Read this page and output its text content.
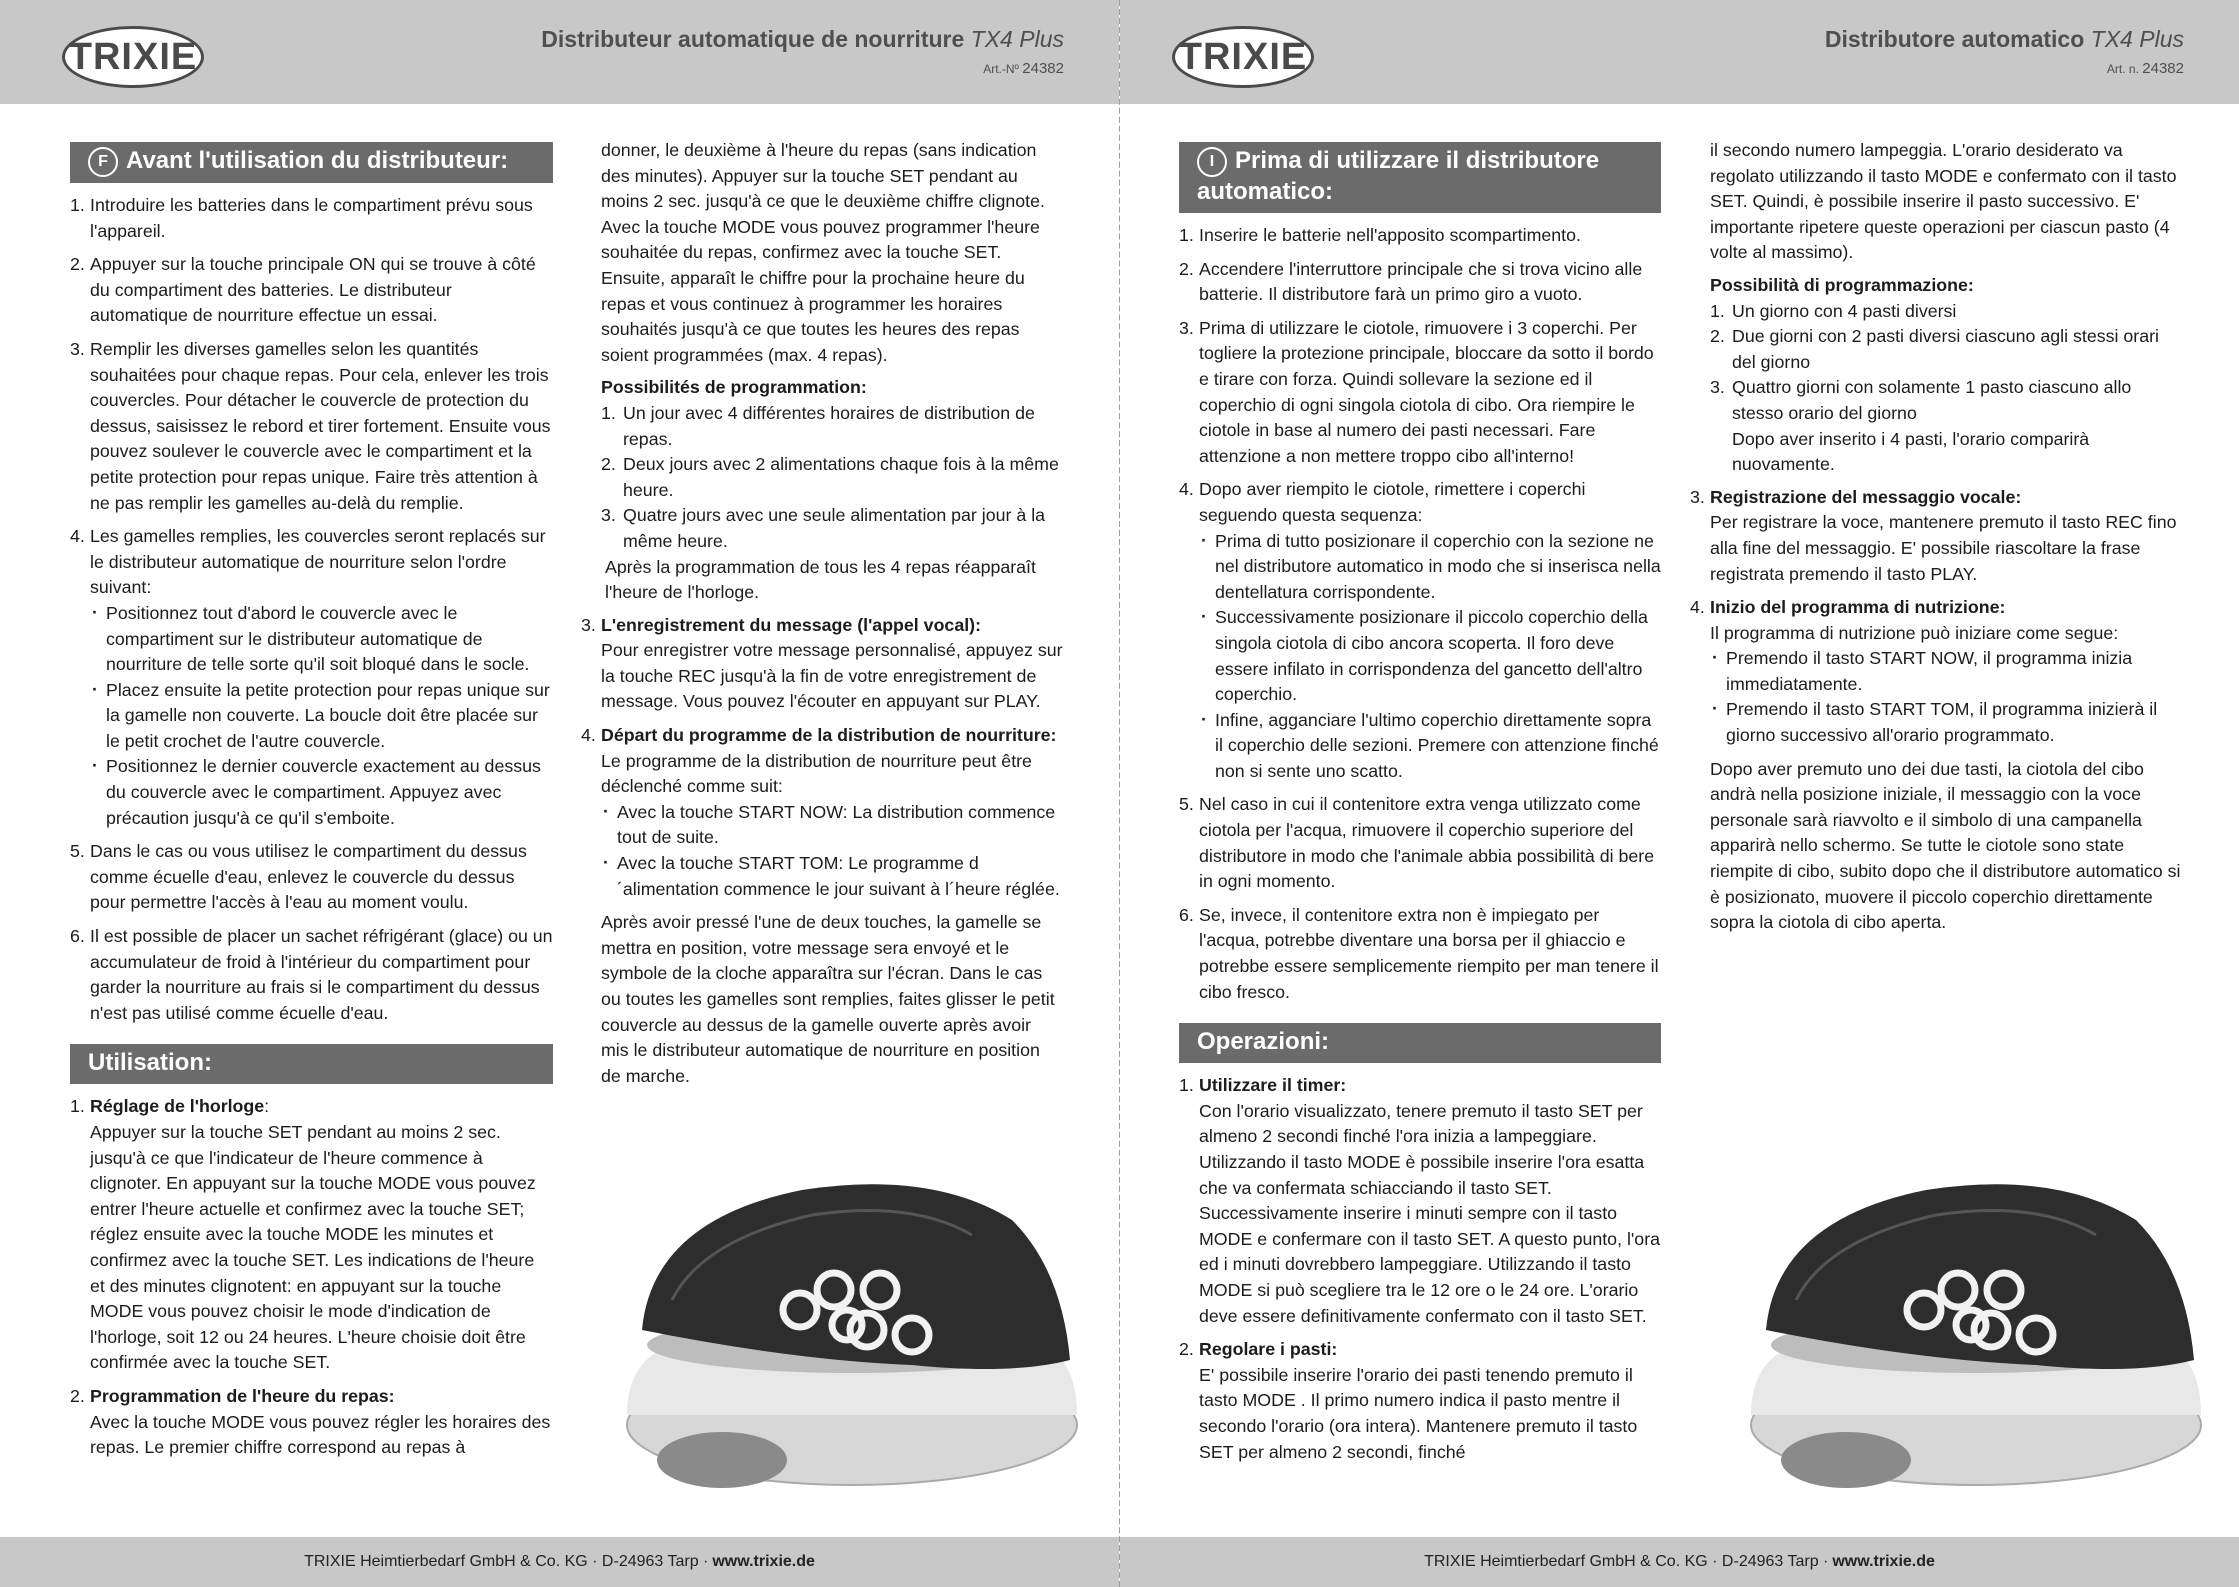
TRIXIE	Distributeur automatique de nourriture TX4 Plus
Art.-Nº 24382
F Avant l'utilisation du distributeur:
1. Introduire les batteries dans le compartiment prévu sous l'appareil.
2. Appuyer sur la touche principale ON qui se trouve à côté du compartiment des batteries. Le distributeur automatique de nourriture effectue un essai.
3. Remplir les diverses gamelles selon les quantités souhaitées pour chaque repas. Pour cela, enlever les trois couvercles. Pour détacher le couvercle de protection du dessus, saisissez le rebord et tirer fortement. Ensuite vous pouvez soulever le couvercle avec le compartiment et la petite protection pour repas unique. Faire très attention à ne pas remplir les gamelles au-delà du remplie.
4. Les gamelles remplies, les couvercles seront replacés sur le distributeur automatique de nourriture selon l'ordre suivant:
· Positionnez tout d'abord le couvercle avec le compartiment sur le distributeur automatique de nourriture de telle sorte qu'il soit bloqué dans le socle.
· Placez ensuite la petite protection pour repas unique sur la gamelle non couverte. La boucle doit être placée sur le petit crochet de l'autre couvercle.
· Positionnez le dernier couvercle exactement au dessus du couvercle avec le compartiment. Appuyez avec précaution jusqu'à ce qu'il s'emboite.
5. Dans le cas ou vous utilisez le compartiment du dessus comme écuelle d'eau, enlevez le couvercle du dessus pour permettre l'accès à l'eau au moment voulu.
6. Il est possible de placer un sachet réfrigérant (glace) ou un accumulateur de froid à l'intérieur du compartiment pour garder la nourriture au frais si le compartiment du dessus n'est pas utilisé comme écuelle d'eau.
Utilisation:
1. Réglage de l'horloge:
Appuyer sur la touche SET pendant au moins 2 sec. jusqu'à ce que l'indicateur de l'heure commence à clignoter. En appuyant sur la touche MODE vous pouvez entrer l'heure actuelle et confirmez avec la touche SET; réglez ensuite avec la touche MODE les minutes et confirmez avec la touche SET. Les indications de l'heure et des minutes clignotent: en appuyant sur la touche MODE vous pouvez choisir le mode d'indication de l'horloge, soit 12 ou 24 heures. L'heure choisie doit être confirmée avec la touche SET.
2. Programmation de l'heure du repas:
Avec la touche MODE vous pouvez régler les horaires des repas. Le premier chiffre correspond au repas à

donner, le deuxième à l'heure du repas (sans indication des minutes). Appuyer sur la touche SET pendant au moins 2 sec. jusqu'à ce que le deuxième chiffre clignote. Avec la touche MODE vous pouvez programmer l'heure souhaitée du repas, confirmez avec la touche SET. Ensuite, apparaît le chiffre pour la prochaine heure du repas et vous continuez à programmer les horaires souhaités jusqu'à ce que toutes les heures des repas soient programmées (max. 4 repas).

Possibilités de programmation:
1. Un jour avec 4 différentes horaires de distribution de repas.
2. Deux jours avec 2 alimentations chaque fois à la même heure.
3. Quatre jours avec une seule alimentation par jour à la même heure.

Après la programmation de tous les 4 repas réapparaît l'heure de l'horloge.

3. L'enregistrement du message (l'appel vocal):
Pour enregistrer votre message personnalisé, appuyez sur la touche REC jusqu'à la fin de votre enregistrement de message. Vous pouvez l'écouter en appuyant sur PLAY.
4. Départ du programme de la distribution de nourriture:
Le programme de la distribution de nourriture peut être déclenché comme suit:
· Avec la touche START NOW: La distribution commence tout de suite.
· Avec la touche START TOM: Le programme d´alimentation commence le jour suivant à l´heure réglée.

Après avoir pressé l'une de deux touches, la gamelle se mettra en position, votre message sera envoyé et le symbole de la cloche apparaîtra sur l'écran. Dans le cas ou toutes les gamelles sont remplies, faites glisser le petit couvercle au dessus de la gamelle ouverte après avoir mis le distributeur automatique de nourriture en position de marche.

TRIXIE Heimtierbedarf GmbH & Co. KG · D-24963 Tarp · www.trixie.de
TRIXIE	Distributore automatico TX4 Plus
Art. n. 24382
I Prima di utilizzare il distributore automatico:
1. Inserire le batterie nell'apposito scompartimento.
2. Accendere l'interruttore principale che si trova vicino alle batterie. Il distributore farà un primo giro a vuoto.
3. Prima di utilizzare le ciotole, rimuovere i 3 coperchi. Per togliere la protezione principale, bloccare da sotto il bordo e tirare con forza. Quindi sollevare la sezione ed il coperchio di ogni singola ciotola di cibo. Ora riempire le ciotole in base al numero dei pasti necessari. Fare attenzione a non mettere troppo cibo all'interno!
4. Dopo aver riempito le ciotole, rimettere i coperchi seguendo questa sequenza:
· Prima di tutto posizionare il coperchio con la sezione ne nel distributore automatico in modo che si inserisca nella dentellatura corrispondente.
· Successivamente posizionare il piccolo coperchio della singola ciotola di cibo ancora scoperta. Il foro deve essere infilato in corrispondenza del gancetto dell'altro coperchio.
· Infine, agganciare l'ultimo coperchio direttamente sopra il coperchio delle sezioni. Premere con attenzione finché non si sente uno scatto.
5. Nel caso in cui il contenitore extra venga utilizzato come ciotola per l'acqua, rimuovere il coperchio superiore del distributore in modo che l'animale abbia possibilità di bere in ogni momento.
6. Se, invece, il contenitore extra non è impiegato per l'acqua, potrebbe diventare una borsa per il ghiaccio e potrebbe essere semplicemente riempito per man tenere il cibo fresco.
Operazioni:
1. Utilizzare il timer:
Con l'orario visualizzato, tenere premuto il tasto SET per almeno 2 secondi finché l'ora inizia a lampeggiare. Utilizzando il tasto MODE è possibile inserire l'ora esatta che va confermata schiacciando il tasto SET. Successivamente inserire i minuti sempre con il tasto MODE e confermare con il tasto SET. A questo punto, l'ora ed i minuti dovrebbero lampeggiare. Utilizzando il tasto MODE si può scegliere tra le 12 ore o le 24 ore. L'orario deve essere definitivamente confermato con il tasto SET.
2. Regolare i pasti:
E' possibile inserire l'orario dei pasti tenendo premuto il tasto MODE . Il primo numero indica il pasto mentre il secondo l'orario (ora intera). Mantenere premuto il tasto SET per almeno 2 secondi, finché

il secondo numero lampeggia. L'orario desiderato va regolato utilizzando il tasto MODE e confermato con il tasto SET. Quindi, è possibile inserire il pasto successivo. E' importante ripetere queste operazioni per ciascun pasto (4 volte al massimo).

Possibilità di programmazione:
1. Un giorno con 4 pasti diversi
2. Due giorni con 2 pasti diversi ciascuno agli stessi orari del giorno
3. Quattro giorni con solamente 1 pasto ciascuno allo stesso orario del giorno

Dopo aver inserito i 4 pasti, l'orario comparirà nuovamente.

3. Registrazione del messaggio vocale:
Per registrare la voce, mantenere premuto il tasto REC fino alla fine del messaggio. E' possibile riascoltare la frase registrata premendo il tasto PLAY.
4. Inizio del programma di nutrizione:
Il programma di nutrizione può iniziare come segue:
· Premendo il tasto START NOW, il programma inizia immediatamente.
· Premendo il tasto START TOM, il programma inizierà il giorno successivo all'orario programmato.

Dopo aver premuto uno dei due tasti, la ciotola del cibo andrà nella posizione iniziale, il messaggio con la voce personale sarà riavvolto e il simbolo di una campanella apparirà nello schermo. Se tutte le ciotole sono state riempite di cibo, subito dopo che il distributore automatico si è posizionato, muovere il piccolo coperchio direttamente sopra la ciotola di cibo aperta.

TRIXIE Heimtierbedarf GmbH & Co. KG · D-24963 Tarp · www.trixie.de
